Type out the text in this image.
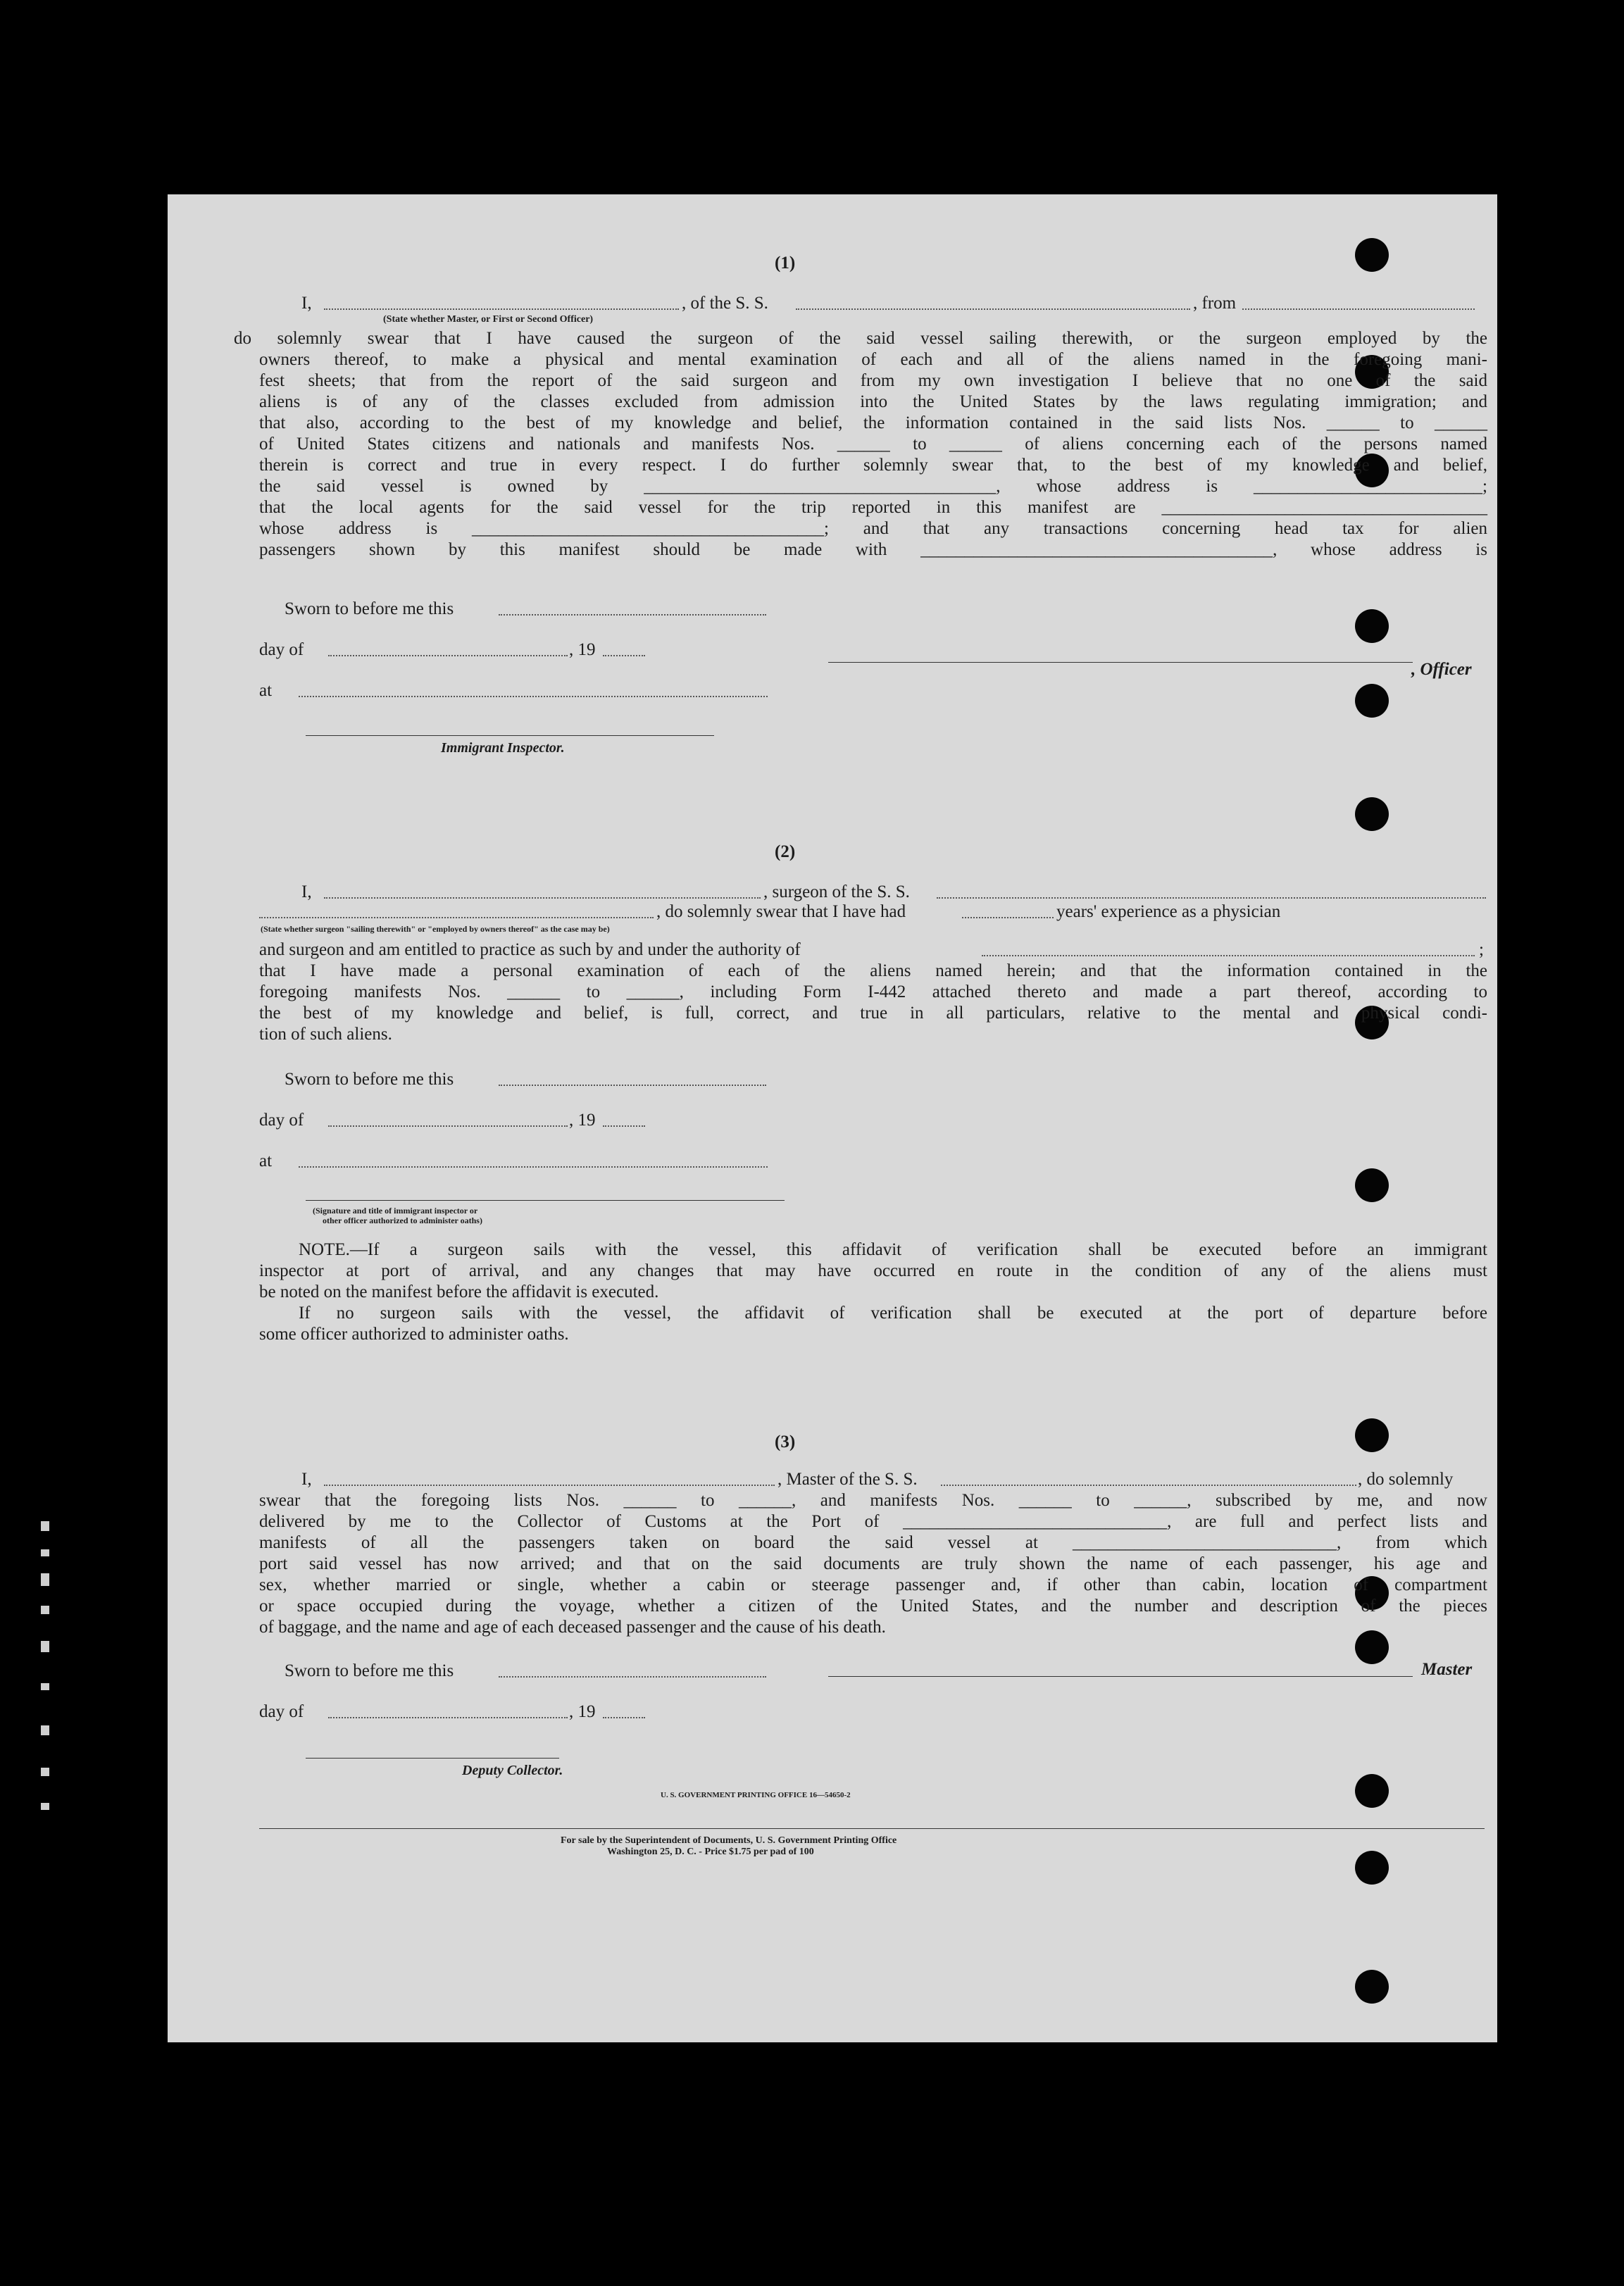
(1)
I,	, of the S. S.	, from
(State whether Master, or First or Second Officer)
do solemnly swear that I have caused the surgeon of the said vessel sailing therewith, or the surgeon employed by the
owners thereof, to make a physical and mental examination of each and all of the aliens named in the foregoing mani-
fest sheets; that from the report of the said surgeon and from my own investigation I believe that no one of the said
aliens is of any of the classes excluded from admission into the United States by the laws regulating immigration; and
that also, according to the best of my knowledge and belief, the information contained in the said lists Nos. ______ to ______
of United States citizens and nationals and manifests Nos. ______ to ______ of aliens concerning each of the persons named
therein is correct and true in every respect. I do further solemnly swear that, to the best of my knowledge and belief,
the said vessel is owned by ________________________________________, whose address is __________________________;
that the local agents for the said vessel for the trip reported in this manifest are _____________________________________
whose address is ________________________________________; and that any transactions concerning head tax for alien
passengers shown by this manifest should be made with ________________________________________, whose address is
Sworn to before me this
day of	, 19
, Officer
at
Immigrant Inspector.
(2)
I,	, surgeon of the S. S.
, do solemnly swear that I have had	years' experience as a physician
(State whether surgeon "sailing therewith" or "employed by owners thereof" as the case may be)
and surgeon and am entitled to practice as such by and under the authority of	;
that I have made a personal examination of each of the aliens named herein; and that the information contained in the
foregoing manifests Nos. ______ to ______, including Form I-442 attached thereto and made a part thereof, according to
the best of my knowledge and belief, is full, correct, and true in all particulars, relative to the mental and physical condi-
tion of such aliens.
Sworn to before me this
day of	, 19
at
(Signature and title of immigrant inspector or
other officer authorized to administer oaths)
NOTE.—If a surgeon sails with the vessel, this affidavit of verification shall be executed before an immigrant
inspector at port of arrival, and any changes that may have occurred en route in the condition of any of the aliens must
be noted on the manifest before the affidavit is executed.
If no surgeon sails with the vessel, the affidavit of verification shall be executed at the port of departure before
some officer authorized to administer oaths.
(3)
I,	, Master of the S. S.	, do solemnly
swear that the foregoing lists Nos. ______ to ______, and manifests Nos. ______ to ______, subscribed by me, and now
delivered by me to the Collector of Customs at the Port of ______________________________, are full and perfect lists and
manifests of all the passengers taken on board the said vessel at ______________________________, from which
port said vessel has now arrived; and that on the said documents are truly shown the name of each passenger, his age and
sex, whether married or single, whether a cabin or steerage passenger and, if other than cabin, location of compartment
or space occupied during the voyage, whether a citizen of the United States, and the number and description of the pieces
of baggage, and the name and age of each deceased passenger and the cause of his death.
Sworn to before me this	Master
day of	, 19
Deputy Collector.
U. S. GOVERNMENT PRINTING OFFICE 16—54650-2
For sale by the Superintendent of Documents, U. S. Government Printing Office
Washington 25, D. C. - Price $1.75 per pad of 100
